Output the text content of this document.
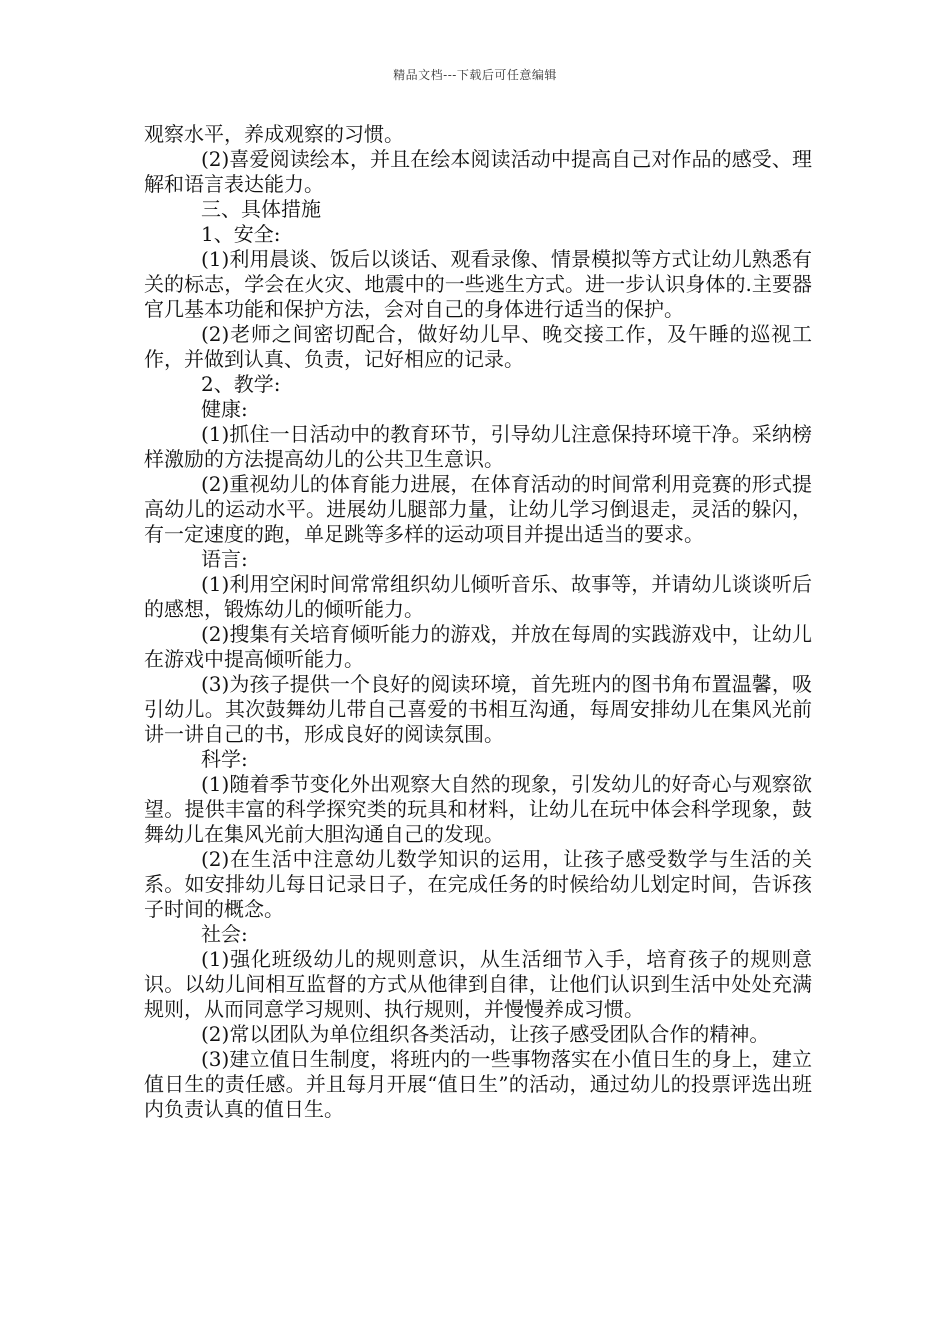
精品文档---下载后可任意编辑

观察水平，养成观察的习惯。

(2)喜爱阅读绘本，并且在绘本阅读活动中提高自己对作品的感受、理解和语言表达能力。

三、具体措施

1、安全:

(1)利用晨谈、饭后以谈话、观看录像、情景模拟等方式让幼儿熟悉有关的标志，学会在火灾、地震中的一些逃生方式。进一步认识身体的.主要器官几基本功能和保护方法，会对自己的身体进行适当的保护。

(2)老师之间密切配合，做好幼儿早、晚交接工作，及午睡的巡视工作，并做到认真、负责，记好相应的记录。

2、教学:

健康:

(1)抓住一日活动中的教育环节，引导幼儿注意保持环境干净。采纳榜样激励的方法提高幼儿的公共卫生意识。

(2)重视幼儿的体育能力进展，在体育活动的时间常利用竞赛的形式提高幼儿的运动水平。进展幼儿腿部力量，让幼儿学习倒退走，灵活的躲闪，有一定速度的跑，单足跳等多样的运动项目并提出适当的要求。

语言:

(1)利用空闲时间常常组织幼儿倾听音乐、故事等，并请幼儿谈谈听后的感想，锻炼幼儿的倾听能力。

(2)搜集有关培育倾听能力的游戏，并放在每周的实践游戏中，让幼儿在游戏中提高倾听能力。

(3)为孩子提供一个良好的阅读环境，首先班内的图书角布置温馨，吸引幼儿。其次鼓舞幼儿带自己喜爱的书相互沟通，每周安排幼儿在集风光前讲一讲自己的书，形成良好的阅读氛围。

科学:

(1)随着季节变化外出观察大自然的现象，引发幼儿的好奇心与观察欲望。提供丰富的科学探究类的玩具和材料，让幼儿在玩中体会科学现象，鼓舞幼儿在集风光前大胆沟通自己的发现。

(2)在生活中注意幼儿数学知识的运用，让孩子感受数学与生活的关系。如安排幼儿每日记录日子，在完成任务的时候给幼儿划定时间，告诉孩子时间的概念。

社会:

(1)强化班级幼儿的规则意识，从生活细节入手，培育孩子的规则意识。以幼儿间相互监督的方式从他律到自律，让他们认识到生活中处处充满规则，从而同意学习规则、执行规则，并慢慢养成习惯。

(2)常以团队为单位组织各类活动，让孩子感受团队合作的精神。

(3)建立值日生制度，将班内的一些事物落实在小值日生的身上，建立值日生的责任感。并且每月开展“值日生”的活动，通过幼儿的投票评选出班内负责认真的值日生。
